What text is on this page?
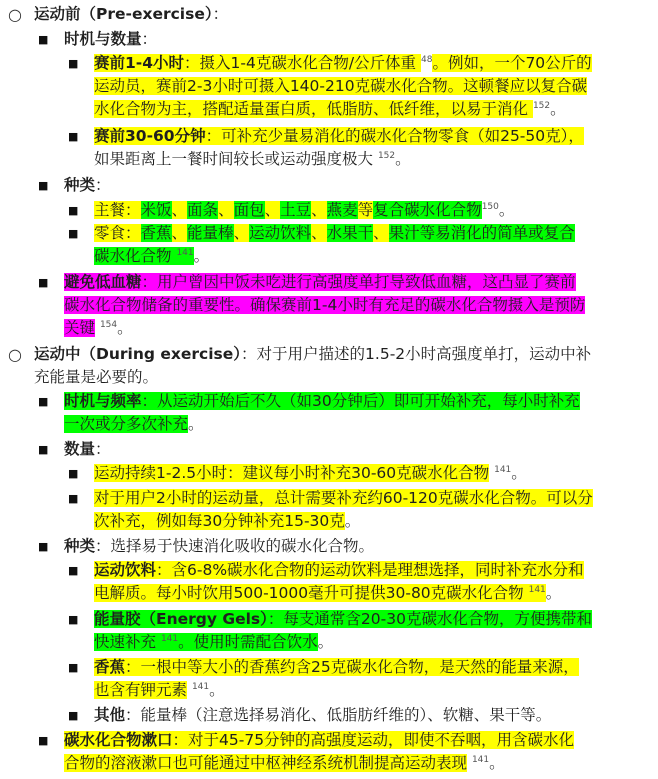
○ 运动前（Pre-exercise）：
■ 时机与数量：
■ 赛前1-4小时：摄入1-4克碳水化合物/公斤体重 $^{48}$。例如，一个70公斤的
运动员，赛前2-3小时可摄入140-210克碳水化合物。这顿餐应以复合碳
水化合物为主，搭配适量蛋白质，低脂肪、低纤维，以易于消化 $^{152}$。
■ 赛前30-60分钟：可补充少量易消化的碳水化合物零食（如25-50克），
如果距离上一餐时间较长或运动强度极大 $^{152}$。
■ 种类：
■ 主餐：米饭、面条、面包、土豆、燕麦等复合碳水化合物$^{150}$。
■ 零食：香蕉、能量棒、运动饮料、水果干、果汁等易消化的简单或复合
碳水化合物 $^{141}$。
■ 避免低血糖：用户曾因中饭未吃进行高强度单打导致低血糖，这凸显了赛前
碳水化合物储备的重要性。确保赛前1-4小时有充足的碳水化合物摄入是预防
关键 $^{154}$。
○ 运动中（During exercise）：对于用户描述的1.5-2小时高强度单打，运动中补
充能量是必要的。
■ 时机与频率：从运动开始后不久（如30分钟后）即可开始补充，每小时补充
一次或分多次补充。
■ 数量：
■ 运动持续1-2.5小时：建议每小时补充30-60克碳水化合物 $^{141}$。
■ 对于用户2小时的运动量，总计需要补充约60-120克碳水化合物。可以分
次补充，例如每30分钟补充15-30克。
■ 种类：选择易于快速消化吸收的碳水化合物。
■ 运动饮料：含6-8%碳水化合物的运动饮料是理想选择，同时补充水分和
电解质。每小时饮用500-1000毫升可提供30-80克碳水化合物 $^{141}$。
■ 能量胶（Energy Gels）：每支通常含20-30克碳水化合物，方便携带和
快速补充 $^{141}$。使用时需配合饮水。
■ 香蕉：一根中等大小的香蕉约含25克碳水化合物，是天然的能量来源，
也含有钾元素 $^{141}$。
■ 其他：能量棒（注意选择易消化、低脂肪纤维的）、软糖、果干等。
■ 碳水化合物漱口：对于45-75分钟的高强度运动，即使不吞咽，用含碳水化
合物的溶液漱口也可能通过中枢神经系统机制提高运动表现 $^{141}$。
